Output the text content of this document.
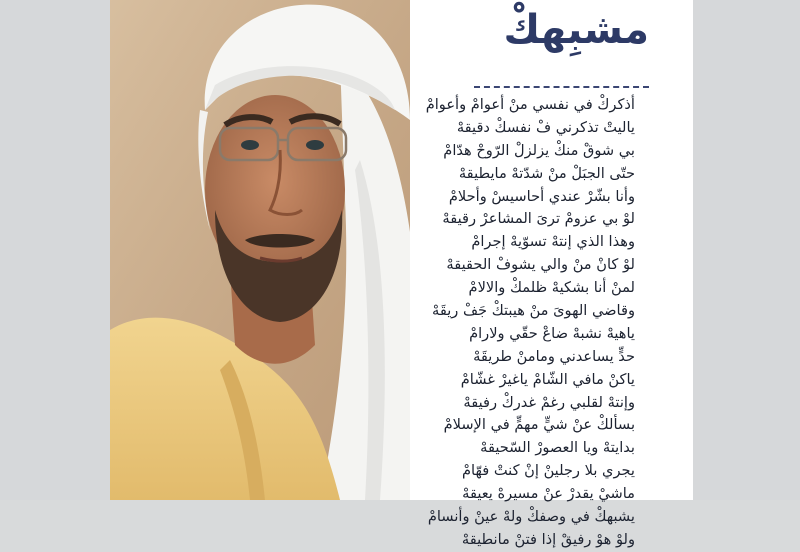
مشبِهكْ
أذكركْ في نفسي منْ أعوامْ وأعوامْ
ياليتْ تذكرني فْ نفسكْ دقيقهْ
بي شوقْ منكْ يزلزلْ الرّوحْ هدّامْ
حتّى الجبَلْ منْ شدّتهْ مايطيقهْ
وأنا بشّرْ عندي أحاسيسْ وأحلامْ
لوْ بي عزومْ ترىَ المشاعرْ رقيقهْ
وهذا الذي إنتهْ تسوّيهْ إجرامْ
لوْ كانْ منْ والي يشوفْ الحقيقهْ
لمنْ أنا بشكيهْ ظلمكْ والالامْ
وقاضي الهوىَ منْ هيبتكْ جَفْ ريقَهْ
ياهيهْ نشبهْ ضاعْ حقّي ولارامْ
حدٍّ يساعدني ومامنْ طريقَهْ
ياكنْ مافي الشّامْ ياغيرْ غشّامْ
وإنتهْ لقلبي رغمْ غدركْ رفيقهْ
بسألكْ عنْ شيٍّ مهمٍّ في الإسلامْ
بدايتهْ ويا العصورْ السّحيقهْ
يجري بلا رجلينْ إنْ كنتْ فهّامْ
ماشيْ يقدرْ عنْ مسيرهْ يعيقهْ
يشبهكْ في وصفكْ ولهْ عينْ وأنسامْ
ولوْ هوْ رفيقْ إذا فتنْ مانطيقهْ
